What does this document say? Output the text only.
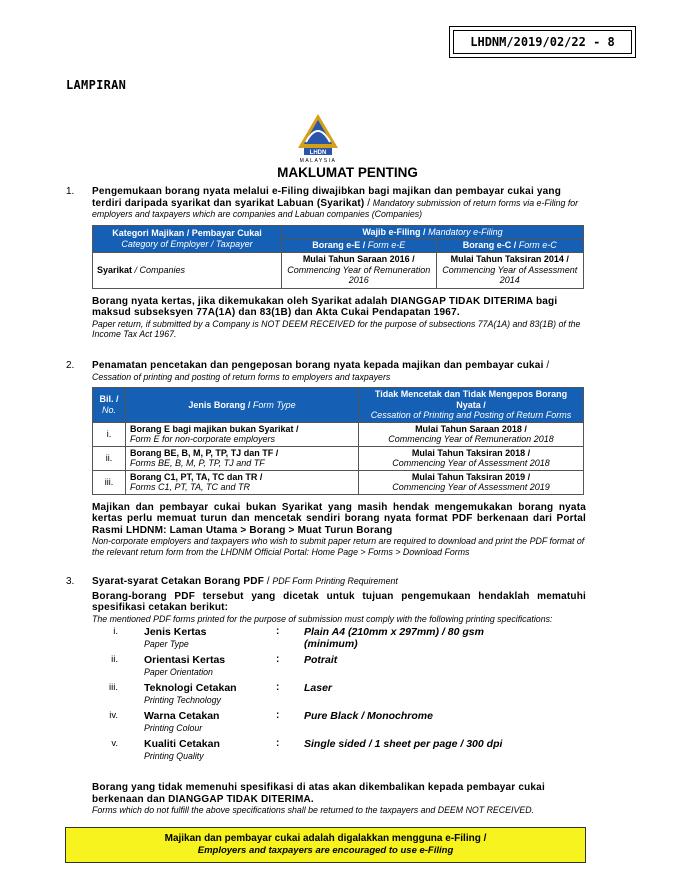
LHDNM/2019/02/22 - 8
LAMPIRAN
LHDN
MALAYSIA
MAKLUMAT PENTING
1.	Pengemukaan borang nyata melalui e-Filing diwajibkan bagi majikan dan pembayar cukai yang terdiri daripada syarikat dan syarikat Labuan (Syarikat) / Mandatory submission of return forms via e-Filing for employers and taxpayers which are companies and Labuan companies (Companies)
Kategori Majikan / Pembayar Cukai
Category of Employer / Taxpayer	Wajib e-Filing / Mandatory e-Filing	
	Borang e-E / Form e-E	Borang e-C / Form e-C
Syarikat / Companies	Mulai Tahun Saraan 2016 /
Commencing Year of Remuneration 2016	Mulai Tahun Taksiran 2014 /
Commencing Year of Assessment 2014
Borang nyata kertas, jika dikemukakan oleh Syarikat adalah DIANGGAP TIDAK DITERIMA bagi maksud subseksyen 77A(1A) dan 83(1B) dan Akta Cukai Pendapatan 1967.
Paper return, if submitted by a Company is NOT DEEM RECEIVED for the purpose of subsections 77A(1A) and 83(1B) of the Income Tax Act 1967.
2.	Penamatan pencetakan dan pengeposan borang nyata kepada majikan dan pembayar cukai / Cessation of printing and posting of return forms to employers and taxpayers
Bil. /
No.	Jenis Borang / Form Type	Tidak Mencetak dan Tidak Mengepos Borang Nyata /
Cessation of Printing and Posting of Return Forms
i.	Borang E bagi majikan bukan Syarikat /
Form E for non-corporate employers	Mulai Tahun Saraan 2018 /
Commencing Year of Remuneration 2018
ii.	Borang BE, B, M, P, TP, TJ dan TF /
Forms BE, B, M, P, TP, TJ and TF	Mulai Tahun Taksiran 2018 /
Commencing Year of Assessment 2018
iii.	Borang C1, PT, TA, TC dan TR /
Forms C1, PT, TA, TC and TR	Mulai Tahun Taksiran 2019 /
Commencing Year of Assessment 2019
Majikan dan pembayar cukai bukan Syarikat yang masih hendak mengemukakan borang nyata kertas perlu memuat turun dan mencetak sendiri borang nyata format PDF berkenaan dari Portal Rasmi LHDNM: Laman Utama > Borang > Muat Turun Borang
Non-corporate employers and taxpayers who wish to submit paper return are required to download and print the PDF format of the relevant return form from the LHDNM Official Portal: Home Page > Forms > Download Forms
3.	Syarat-syarat Cetakan Borang PDF / PDF Form Printing Requirement
Borang-borang PDF tersebut yang dicetak untuk tujuan pengemukaan hendaklah mematuhi spesifikasi cetakan berikut:
The mentioned PDF forms printed for the purpose of submission must comply with the following printing specifications:
i. Jenis Kertas
Paper Type
: Plain A4 (210mm x 297mm) / 80 gsm
(minimum)
ii. Orientasi Kertas
Paper Orientation
: Potrait
iii. Teknologi Cetakan
Printing Technology
: Laser
iv. Warna Cetakan
Printing Colour
: Pure Black / Monochrome
v. Kualiti Cetakan
Printing Quality
: Single sided / 1 sheet per page / 300 dpi
Borang yang tidak memenuhi spesifikasi di atas akan dikembalikan kepada pembayar cukai berkenaan dan DIANGGAP TIDAK DITERIMA.
Forms which do not fulfill the above specifications shall be returned to the taxpayers and DEEM NOT RECEIVED.
Majikan dan pembayar cukai adalah digalakkan mengguna e-Filing /
Employers and taxpayers are encouraged to use e-Filing
